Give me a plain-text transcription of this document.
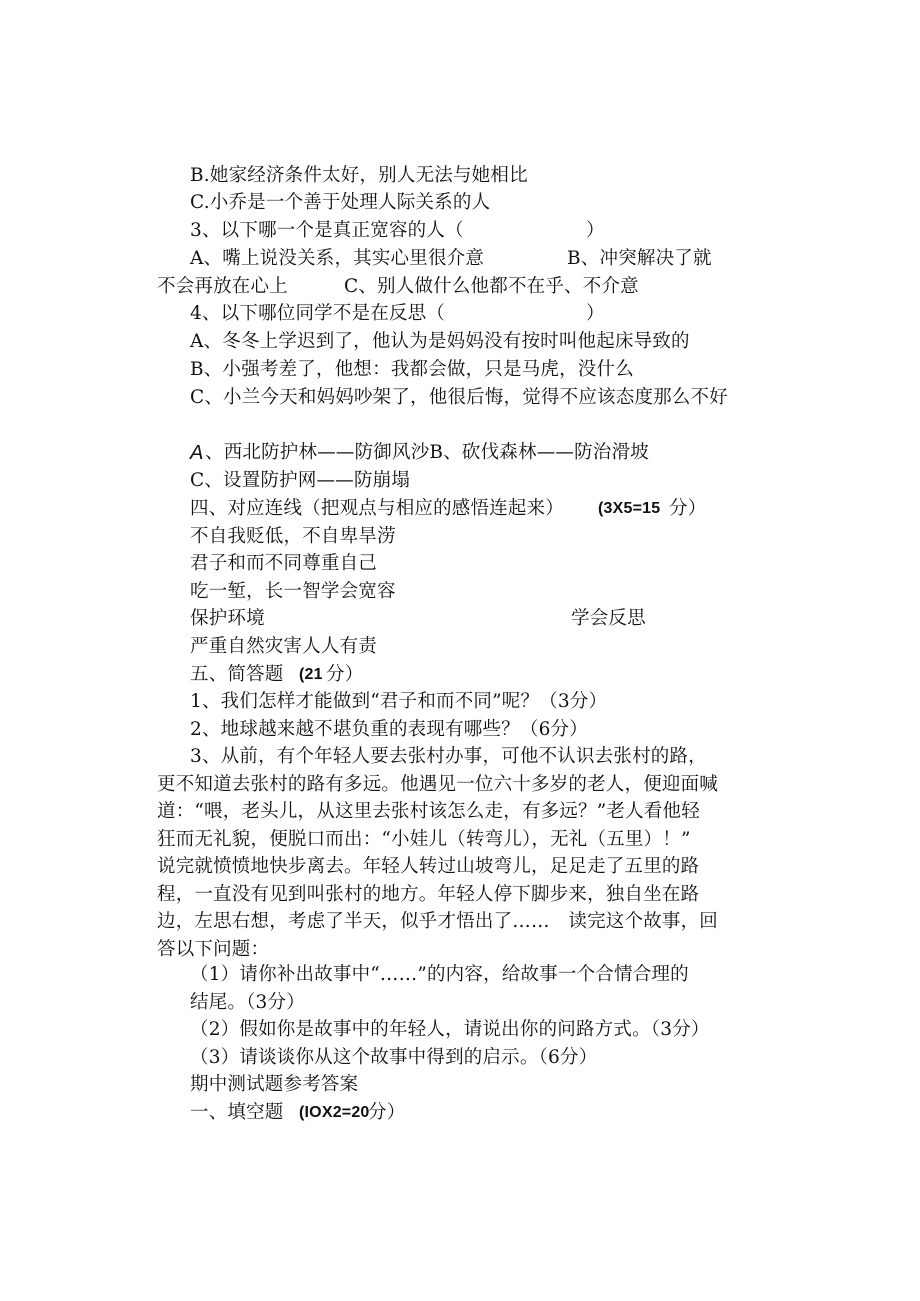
B.她家经济条件太好，别人无法与她相比
C.小乔是一个善于处理人际关系的人
3、以下哪一个是真正宽容的人（	）
A、嘴上说没关系，其实心里很介意	B、冲突解决了就
不会再放在心上　　　C、别人做什么他都不在乎、不介意
4、以下哪位同学不是在反思（	）
A、冬冬上学迟到了，他认为是妈妈没有按时叫他起床导致的
B、小强考差了，他想：我都会做，只是马虎，没什么
C、小兰今天和妈妈吵架了，他很后悔，觉得不应该态度那么不好
A 、西北防护林——防御风沙B、砍伐森林——防治滑坡
C、设置防护网——防崩塌
四、对应连线（把观点与相应的感悟连起来） (3X5=15 分）
不自我贬低，不自卑旱涝
君子和而不同尊重自己
吃一堑，长一智学会宽容
保护环境	学会反思
严重自然灾害人人有责
五、简答题 (21 分）
1、我们怎样才能做到“君子和而不同”呢？（3分）
2、地球越来越不堪负重的表现有哪些？（6分）
3、从前，有个年轻人要去张村办事，可他不认识去张村的路，
更不知道去张村的路有多远。他遇见一位六十多岁的老人，便迎面喊
道：“喂，老头儿，从这里去张村该怎么走，有多远？”老人看他轻
狂而无礼貌，便脱口而出：“小娃儿（转弯儿），无礼（五里）！”
说完就愤愤地快步离去。年轻人转过山坡弯儿，足足走了五里的路
程，一直没有见到叫张村的地方。年轻人停下脚步来，独自坐在路
边，左思右想，考虑了半天，似乎才悟出了……　读完这个故事，回
答以下问题：
（1）请你补出故事中“……”的内容，给故事一个合情合理的
结尾。（3分）
（2）假如你是故事中的年轻人，请说出你的问路方式。（3分）
（3）请谈谈你从这个故事中得到的启示。（6分）
期中测试题参考答案
一、填空题 (IOX2=20
分）
